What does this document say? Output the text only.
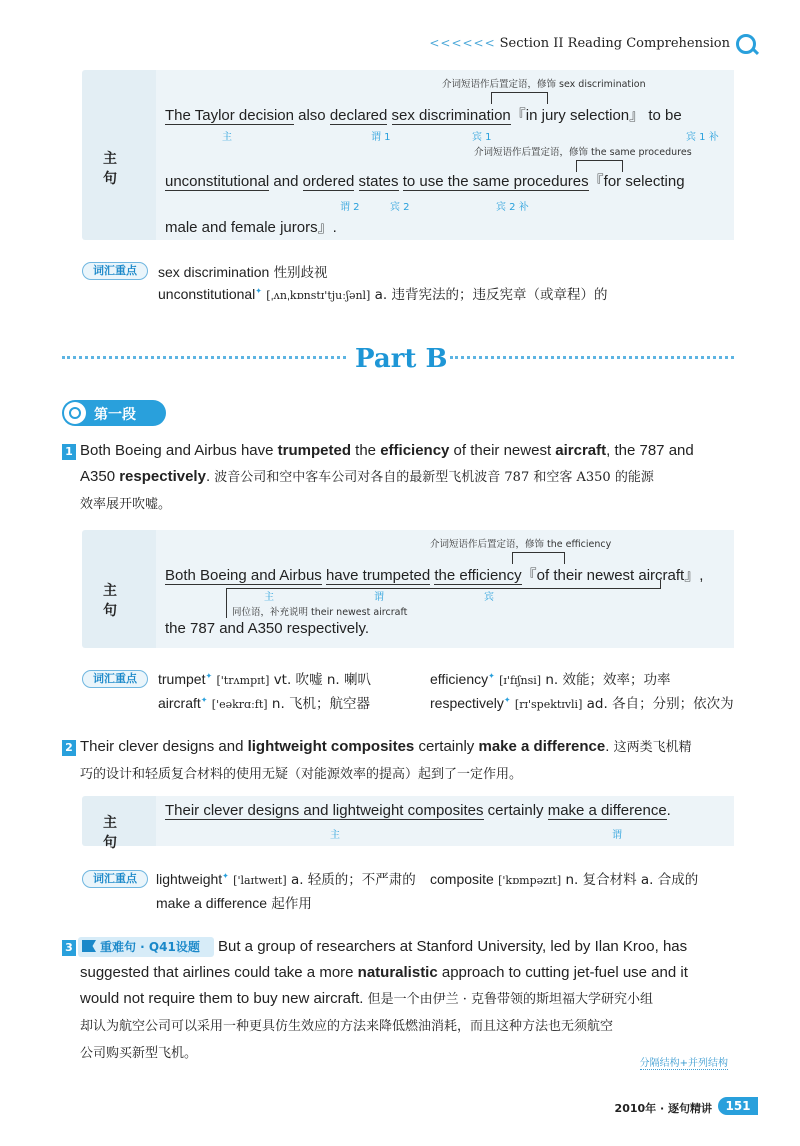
<<<<<< Section II Reading Comprehension
主 句
介词短语作后置定语，修饰 sex discrimination
The Taylor decision also declared sex discrimination『in jury selection』 to be
主	谓 1	宾 1	宾 1 补
介词短语作后置定语，修饰 the same procedures
unconstitutional and ordered states to use the same procedures『for selecting
谓 2	宾 2	宾 2 补
male and female jurors』.
词汇重点	sex discrimination 性别歧视
unconstitutional✦ [ˌʌnˌkɒnstɪ'tjuːʃənl] a. 违背宪法的；违反宪章（或章程）的
Part B
第一段
1 Both Boeing and Airbus have trumpeted the efficiency of their newest aircraft, the 787 and
A350 respectively. 波音公司和空中客车公司对各自的最新型飞机波音 787 和空客 A350 的能源
效率展开吹嘘。
主 句
介词短语作后置定语，修饰 the efficiency
Both Boeing and Airbus have trumpeted the efficiency『of their newest aircraft』,
主	谓	宾
同位语，补充说明 their newest aircraft
the 787 and A350 respectively.
词汇重点	trumpet✦ ['trʌmpɪt] vt. 吹嘘 n. 喇叭	efficiency✦ [ɪ'fɪʃnsi] n. 效能；效率；功率
aircraft✦ ['eəkrɑːft] n. 飞机；航空器	respectively✦ [rɪ'spektɪvli] ad. 各自；分别；依次为
2 Their clever designs and lightweight composites certainly make a difference. 这两类飞机精
巧的设计和轻质复合材料的使用无疑（对能源效率的提高）起到了一定作用。
主 句
Their clever designs and lightweight composites certainly make a difference.
主	谓
词汇重点	lightweight✦ ['laɪtweɪt] a. 轻质的；不严肃的 composite ['kɒmpəzɪt] n. 复合材料 a. 合成的
make a difference 起作用
3	重难句 · Q41设题	But a group of researchers at Stanford University, led by Ilan Kroo, has
suggested that airlines could take a more naturalistic approach to cutting jet-fuel use and it
would not require them to buy new aircraft. 但是一个由伊兰 · 克鲁带领的斯坦福大学研究小组
却认为航空公司可以采用一种更具仿生效应的方法来降低燃油消耗，而且这种方法也无须航空
公司购买新型飞机。
分隔结构+并列结构
2010年 · 逐句精讲	151
